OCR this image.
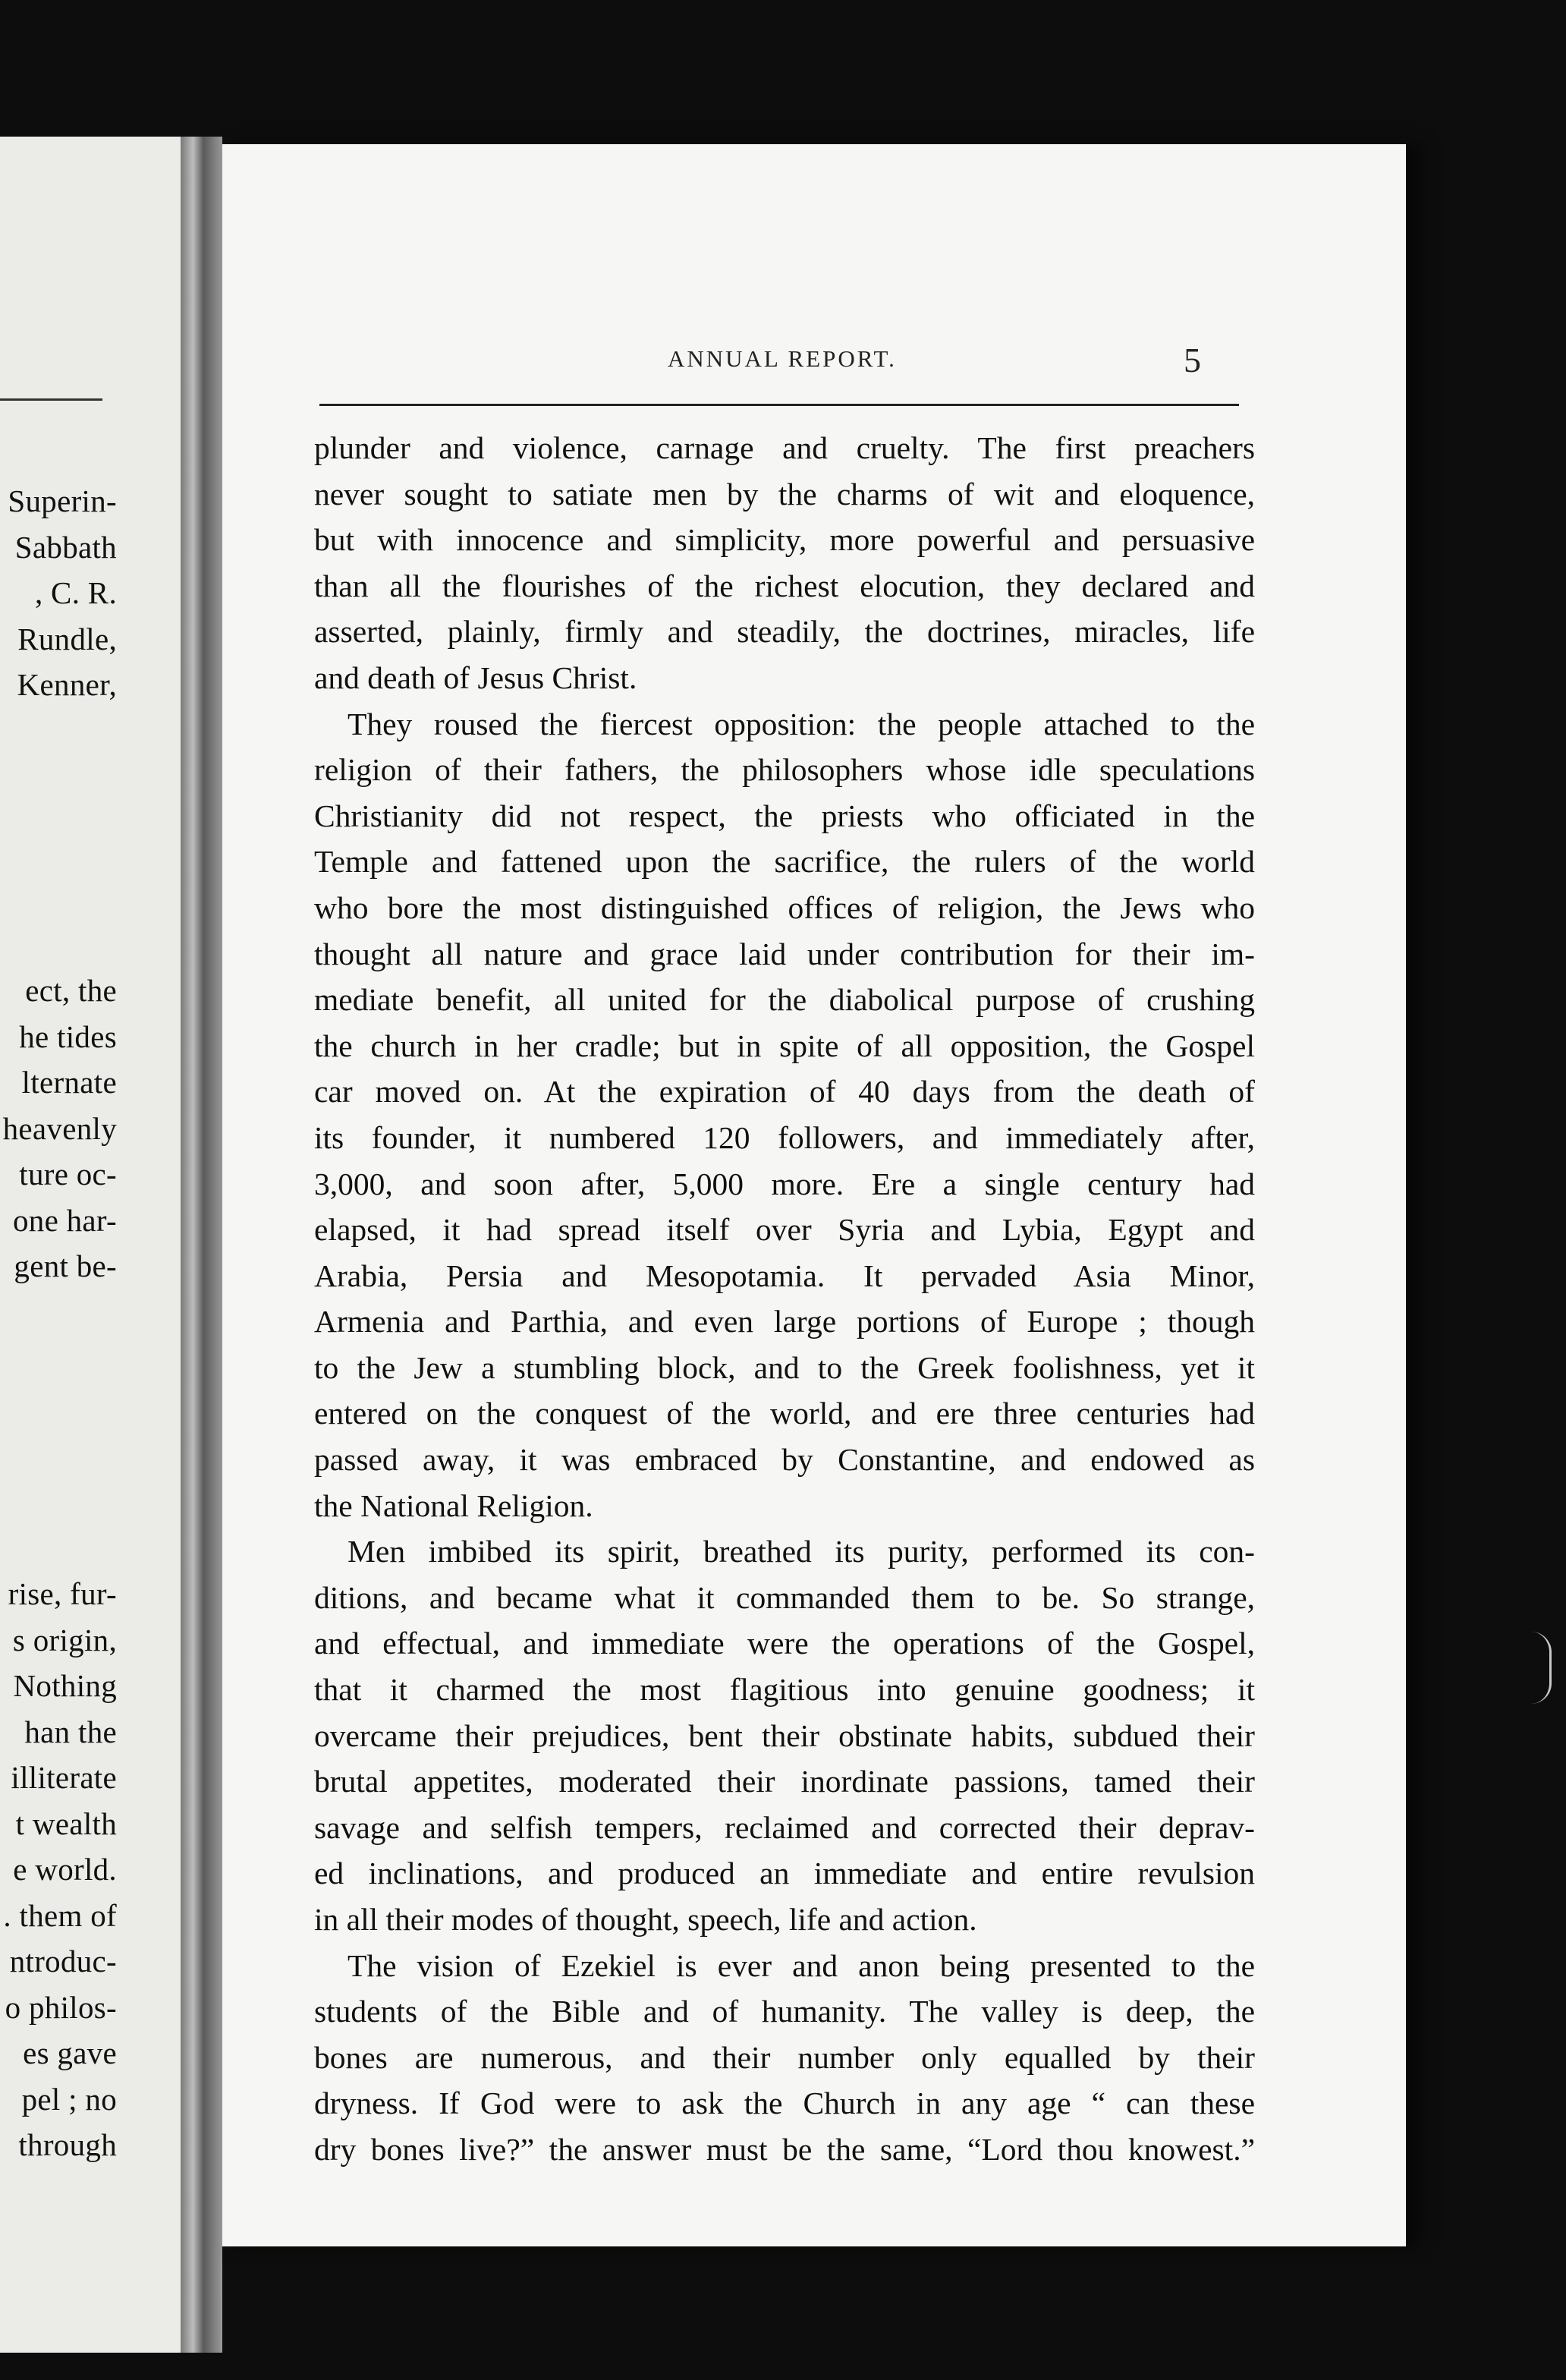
Superin-
Sabbath
, C. R.
Rundle,
Kenner,
ect, the
he tides
lternate
heavenly
ture oc-
one har-
gent be-
rise, fur-
s origin,
Nothing
han the
illiterate
t wealth
e world.
. them of
ntroduc-
o philos-
es gave
pel ; no
through
ANNUAL REPORT.	5
plunder and violence, carnage and cruelty. The first preachers
never sought to satiate men by the charms of wit and eloquence,
but with innocence and simplicity, more powerful and persuasive
than all the flourishes of the richest elocution, they declared and
asserted, plainly, firmly and steadily, the doctrines, miracles, life
and death of Jesus Christ.
They roused the fiercest opposition: the people attached to the
religion of their fathers, the philosophers whose idle speculations
Christianity did not respect, the priests who officiated in the
Temple and fattened upon the sacrifice, the rulers of the world
who bore the most distinguished offices of religion, the Jews who
thought all nature and grace laid under contribution for their im-
mediate benefit, all united for the diabolical purpose of crushing
the church in her cradle; but in spite of all opposition, the Gospel
car moved on. At the expiration of 40 days from the death of
its founder, it numbered 120 followers, and immediately after,
3,000, and soon after, 5,000 more. Ere a single century had
elapsed, it had spread itself over Syria and Lybia, Egypt and
Arabia, Persia and Mesopotamia. It pervaded Asia Minor,
Armenia and Parthia, and even large portions of Europe ; though
to the Jew a stumbling block, and to the Greek foolishness, yet it
entered on the conquest of the world, and ere three centuries had
passed away, it was embraced by Constantine, and endowed as
the National Religion.
Men imbibed its spirit, breathed its purity, performed its con-
ditions, and became what it commanded them to be. So strange,
and effectual, and immediate were the operations of the Gospel,
that it charmed the most flagitious into genuine goodness; it
overcame their prejudices, bent their obstinate habits, subdued their
brutal appetites, moderated their inordinate passions, tamed their
savage and selfish tempers, reclaimed and corrected their deprav-
ed inclinations, and produced an immediate and entire revulsion
in all their modes of thought, speech, life and action.
The vision of Ezekiel is ever and anon being presented to the
students of the Bible and of humanity. The valley is deep, the
bones are numerous, and their number only equalled by their
dryness. If God were to ask the Church in any age “ can these
dry bones live?” the answer must be the same, “Lord thou knowest.”
